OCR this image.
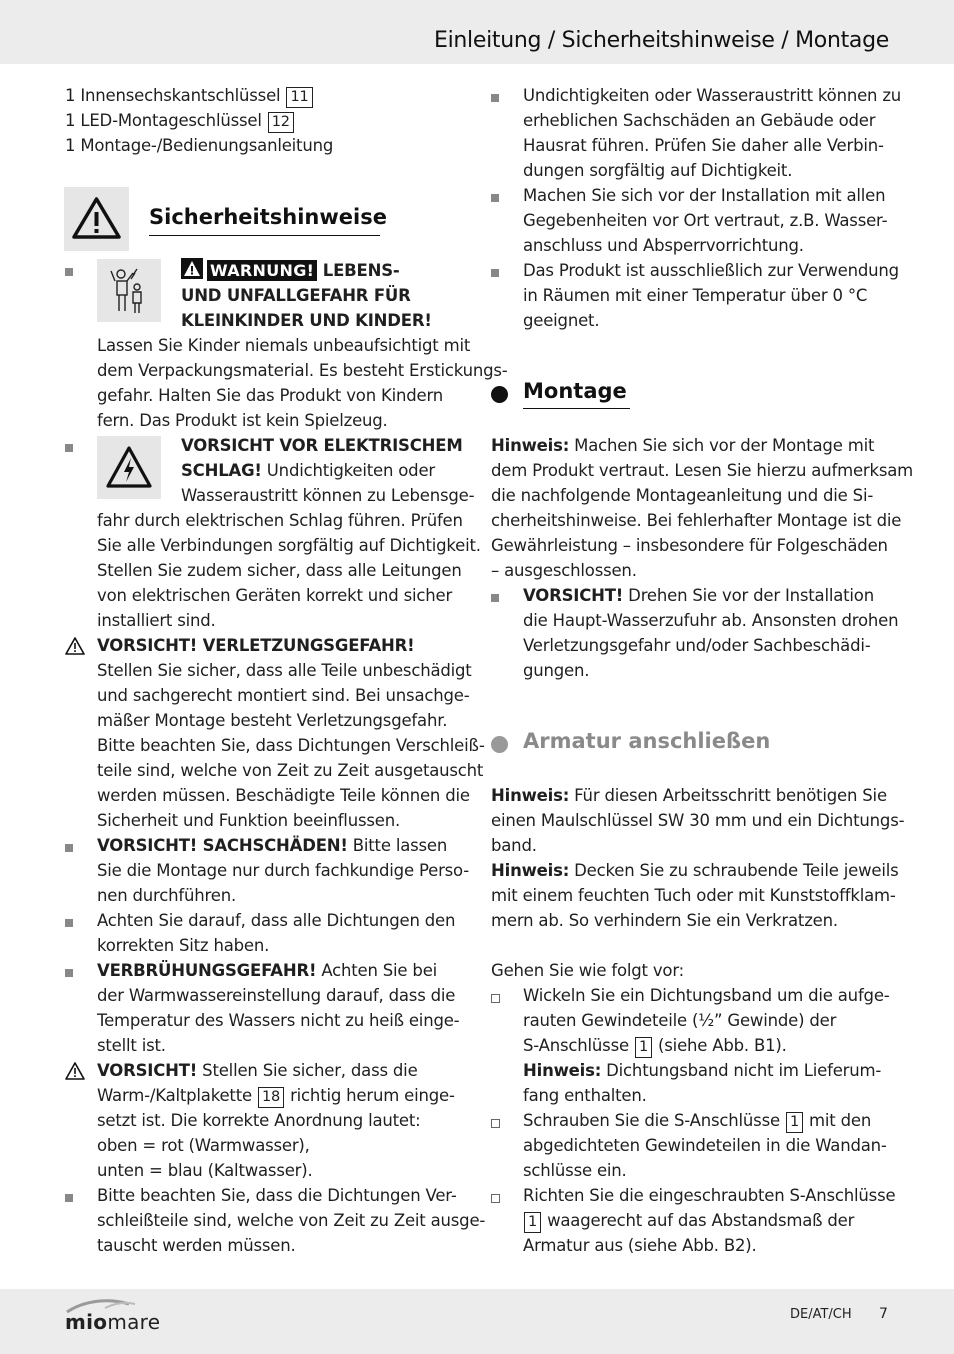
Einleitung / Sicherheitshinweise / Montage
1 Innensechskantschlüssel 11
1 LED-Montageschlüssel 12
1 Montage-/Bedienungsanleitung
Sicherheitshinweise
WARNUNG! LEBENS-
UND UNFALLGEFAHR FÜR
KLEINKINDER UND KINDER!
Lassen Sie Kinder niemals unbeaufsichtigt mit
dem Verpackungsmaterial. Es besteht Erstickungs-
gefahr. Halten Sie das Produkt von Kindern
fern. Das Produkt ist kein Spielzeug.
VORSICHT VOR ELEKTRISCHEM
SCHLAG! Undichtigkeiten oder
Wasseraustritt können zu Lebensge-
fahr durch elektrischen Schlag führen. Prüfen
Sie alle Verbindungen sorgfältig auf Dichtigkeit.
Stellen Sie zudem sicher, dass alle Leitungen
von elektrischen Geräten korrekt und sicher
installiert sind.
VORSICHT! VERLETZUNGSGEFAHR!
Stellen Sie sicher, dass alle Teile unbeschädigt
und sachgerecht montiert sind. Bei unsachge-
mäßer Montage besteht Verletzungsgefahr.
Bitte beachten Sie, dass Dichtungen Verschleiß-
teile sind, welche von Zeit zu Zeit ausgetauscht
werden müssen. Beschädigte Teile können die
Sicherheit und Funktion beeinflussen.
VORSICHT! SACHSCHÄDEN! Bitte lassen
Sie die Montage nur durch fachkundige Perso-
nen durchführen.
Achten Sie darauf, dass alle Dichtungen den
korrekten Sitz haben.
VERBRÜHUNGSGEFAHR! Achten Sie bei
der Warmwassereinstellung darauf, dass die
Temperatur des Wassers nicht zu heiß einge-
stellt ist.
VORSICHT! Stellen Sie sicher, dass die
Warm-/Kaltplakette 18 richtig herum einge-
setzt ist. Die korrekte Anordnung lautet:
oben = rot (Warmwasser),
unten = blau (Kaltwasser).
Bitte beachten Sie, dass die Dichtungen Ver-
schleißteile sind, welche von Zeit zu Zeit ausge-
tauscht werden müssen.
Undichtigkeiten oder Wasseraustritt können zu
erheblichen Sachschäden an Gebäude oder
Hausrat führen. Prüfen Sie daher alle Verbin-
dungen sorgfältig auf Dichtigkeit.
Machen Sie sich vor der Installation mit allen
Gegebenheiten vor Ort vertraut, z.B. Wasser-
anschluss und Absperrvorrichtung.
Das Produkt ist ausschließlich zur Verwendung
in Räumen mit einer Temperatur über 0 °C
geeignet.
Montage
Hinweis: Machen Sie sich vor der Montage mit
dem Produkt vertraut. Lesen Sie hierzu aufmerksam
die nachfolgende Montageanleitung und die Si-
cherheitshinweise. Bei fehlerhafter Montage ist die
Gewährleistung – insbesondere für Folgeschäden
– ausgeschlossen.
VORSICHT! Drehen Sie vor der Installation
die Haupt-Wasserzufuhr ab. Ansonsten drohen
Verletzungsgefahr und/oder Sachbeschädi-
gungen.
Armatur anschließen
Hinweis: Für diesen Arbeitsschritt benötigen Sie
einen Maulschlüssel SW 30 mm und ein Dichtungs-
band.
Hinweis: Decken Sie zu schraubende Teile jeweils
mit einem feuchten Tuch oder mit Kunststoffklam-
mern ab. So verhindern Sie ein Verkratzen.
Gehen Sie wie folgt vor:
Wickeln Sie ein Dichtungsband um die aufge-
rauten Gewindeteile (½” Gewinde) der
S-Anschlüsse 1 (siehe Abb. B1).
Hinweis: Dichtungsband nicht im Lieferum-
fang enthalten.
Schrauben Sie die S-Anschlüsse 1 mit den
abgedichteten Gewindeteilen in die Wandan-
schlüsse ein.
Richten Sie die eingeschraubten S-Anschlüsse
1 waagerecht auf das Abstandsmaß der
Armatur aus (siehe Abb. B2).
miomare	DE/AT/CH 7
